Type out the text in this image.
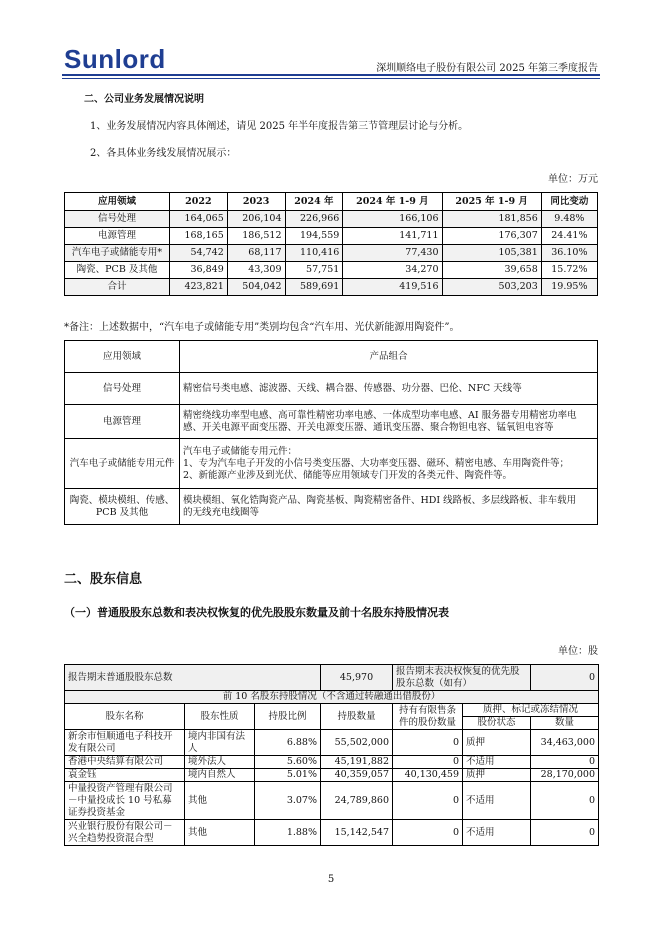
Sunlord	深圳顺络电子股份有限公司 2025 年第三季度报告
二、公司业务发展情况说明
1、业务发展情况内容具体阐述，请见 2025 年半年度报告第三节管理层讨论与分析。
2、各具体业务线发展情况展示：
单位：万元
应用领域	2022	2023	2024 年	2024 年 1-9 月	2025 年 1-9 月	同比变动
信号处理	164,065	206,104	226,966	166,106	181,856	9.48%
电源管理	168,165	186,512	194,559	141,711	176,307	24.41%
汽车电子或储能专用*	54,742	68,117	110,416	77,430	105,381	36.10%
陶瓷、PCB 及其他	36,849	43,309	57,751	34,270	39,658	15.72%
合计	423,821	504,042	589,691	419,516	503,203	19.95%
*备注：上述数据中，“汽车电子或储能专用”类别均包含“汽车用、光伏新能源用陶瓷件”。
应用领域	产品组合
信号处理	精密信号类电感、滤波器、天线、耦合器、传感器、功分器、巴伦、NFC 天线等

电源管理	精密绕线功率型电感、高可靠性精密功率电感、一体成型功率电感、AI 服务器专用精密功率电
感、开关电源平面变压器、开关电源变压器、通讯变压器、聚合物钽电容、锰氧钽电容等

汽车电子或储能专用元件	汽车电子或储能专用元件：
1、专为汽车电子开发的小信号类变压器、大功率变压器、磁环、精密电感、车用陶瓷件等；
2、新能源产业涉及到光伏、储能等应用领域专门开发的各类元件、陶瓷件等。

陶瓷、模块模组、传感、PCB 及其他	模块模组、氧化锆陶瓷产品、陶瓷基板、陶瓷精密备件、HDI 线路板、多层线路板、非车载用
的无线充电线圈等
二、股东信息
（一）普通股股东总数和表决权恢复的优先股股东数量及前十名股东持股情况表
单位：股
报告期末普通股股东总数			45,970	报告期末表决权恢复的优先股股东总数（如有）		0
前 10 名股东持股情况（不含通过转融通出借股份）						
股东名称	股东性质	持股比例	持股数量	持有有限售条件的股份数量	质押、标记或冻结情况	
					股份状态	数量
新余市恒顺通电子科技开发有限公司	境内非国有法人	6.88%	55,502,000	0	质押	34,463,000
香港中央结算有限公司	境外法人	5.60%	45,191,882	0	不适用	0
袁金钰	境内自然人	5.01%	40,359,057	40,130,459	质押	28,170,000
中量投资产管理有限公司－中量投成长 10 号私募证券投资基金	其他	3.07%	24,789,860	0	不适用	0
兴业银行股份有限公司－兴全趋势投资混合型	其他	1.88%	15,142,547	0	不适用	0
5
